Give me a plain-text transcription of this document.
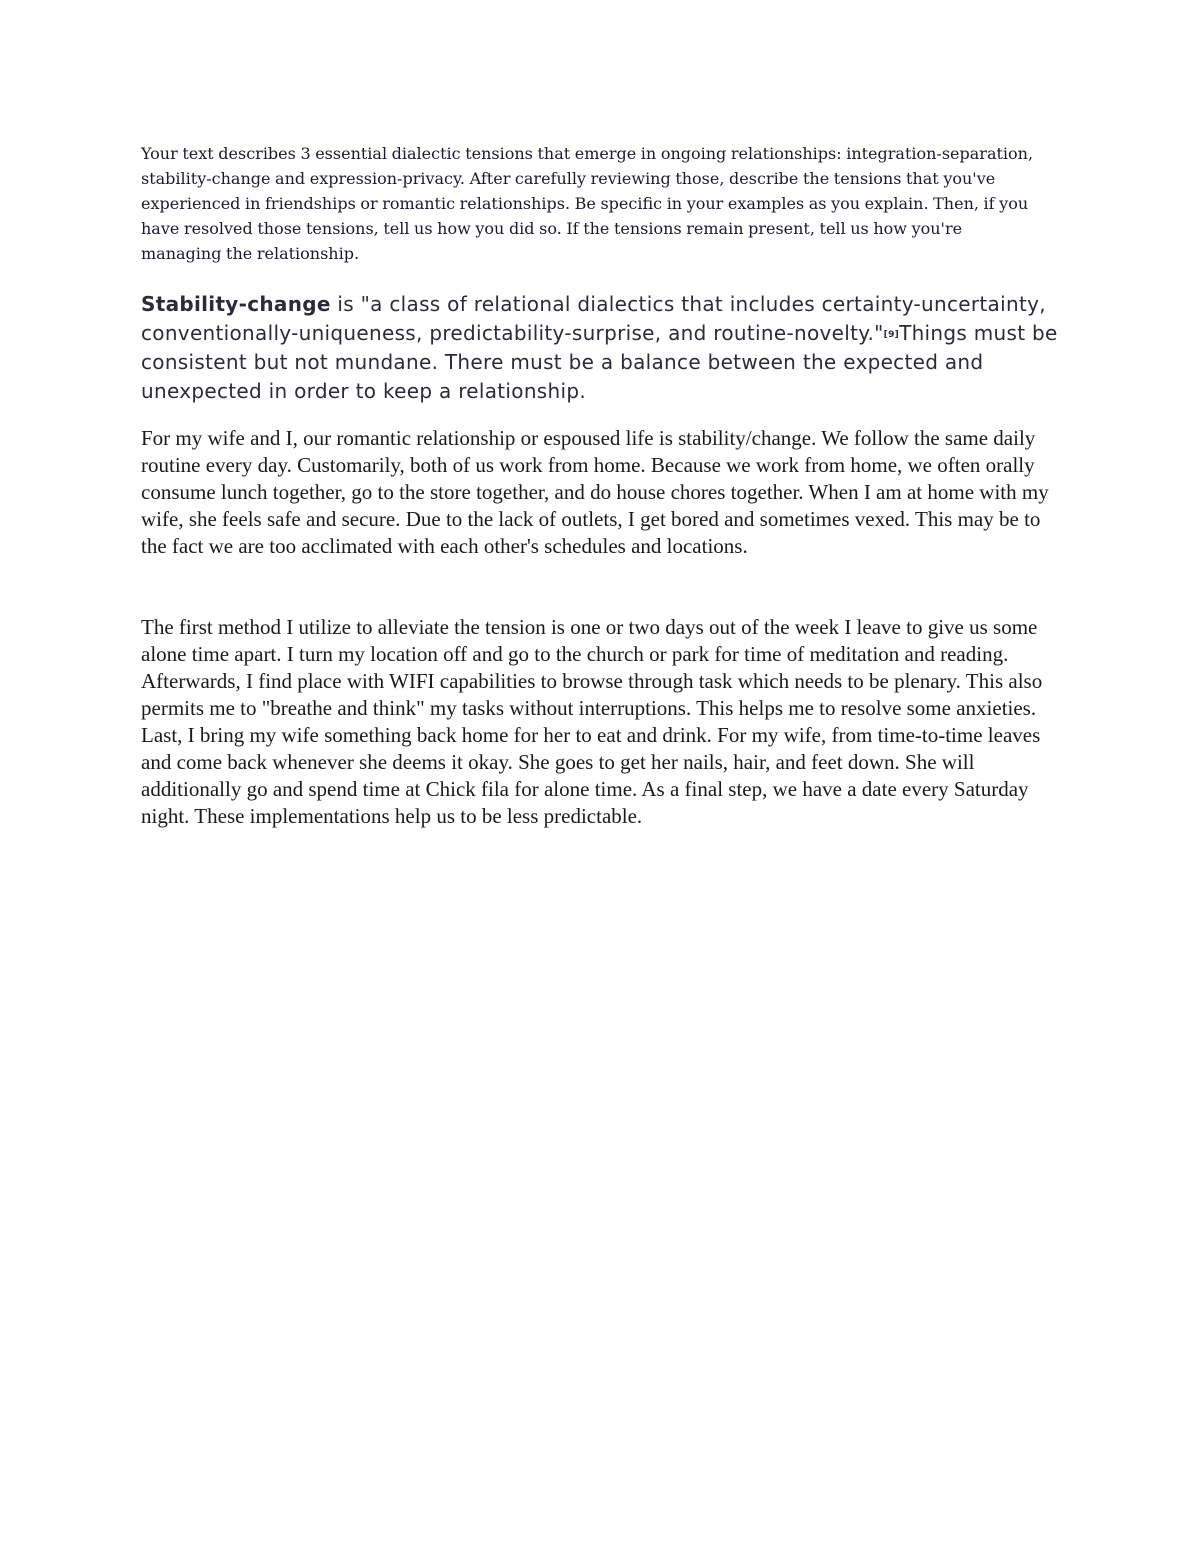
Your text describes 3 essential dialectic tensions that emerge in ongoing relationships: integration-separation, stability-change and expression-privacy. After carefully reviewing those, describe the tensions that you've experienced in friendships or romantic relationships. Be specific in your examples as you explain. Then, if you have resolved those tensions, tell us how you did so. If the tensions remain present, tell us how you're managing the relationship.

Stability-change is "a class of relational dialectics that includes certainty-uncertainty, conventionally-uniqueness, predictability-surprise, and routine-novelty."[9]Things must be consistent but not mundane. There must be a balance between the expected and unexpected in order to keep a relationship.

For my wife and I, our romantic relationship or espoused life is stability/change. We follow the same daily routine every day. Customarily, both of us work from home. Because we work from home, we often orally consume lunch together, go to the store together, and do house chores together. When I am at home with my wife, she feels safe and secure. Due to the lack of outlets, I get bored and sometimes vexed. This may be to the fact we are too acclimated with each other's schedules and locations.

The first method I utilize to alleviate the tension is one or two days out of the week I leave to give us some alone time apart. I turn my location off and go to the church or park for time of meditation and reading. Afterwards, I find place with WIFI capabilities to browse through task which needs to be plenary. This also permits me to "breathe and think" my tasks without interruptions. This helps me to resolve some anxieties. Last, I bring my wife something back home for her to eat and drink. For my wife, from time-to-time leaves and come back whenever she deems it okay. She goes to get her nails, hair, and feet down. She will additionally go and spend time at Chick fila for alone time. As a final step, we have a date every Saturday night. These implementations help us to be less predictable.
